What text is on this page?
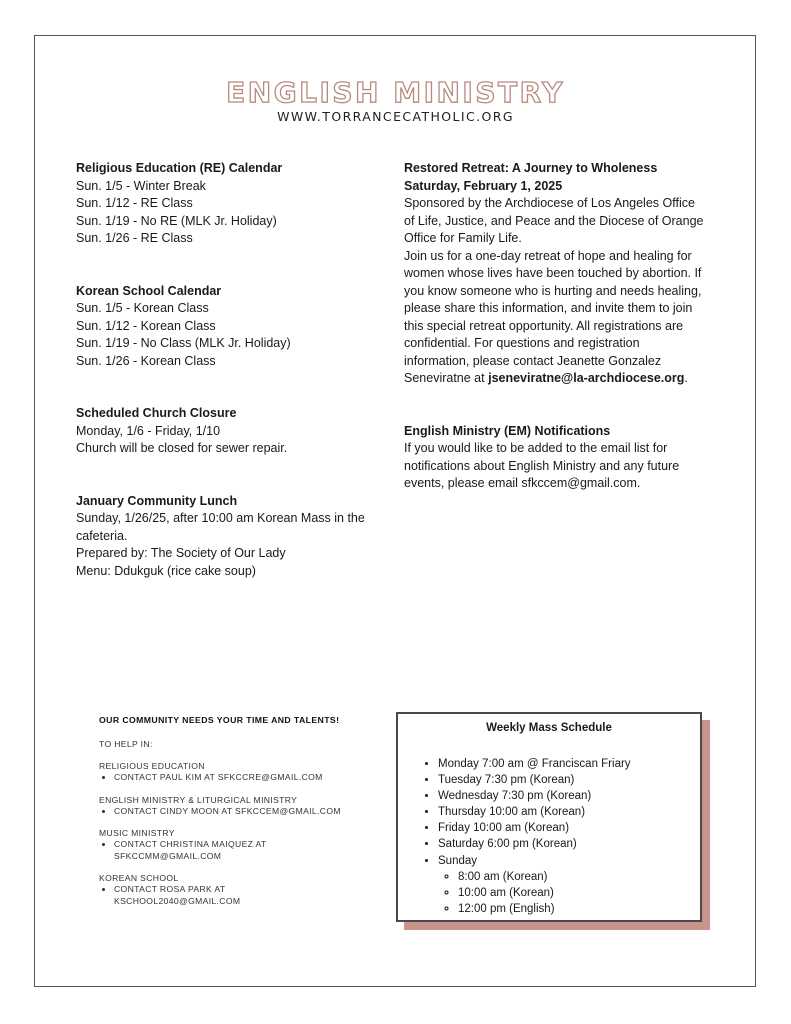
ENGLISH MINISTRY
WWW.TORRANCECATHOLIC.ORG
Religious Education (RE) Calendar
Sun. 1/5 - Winter Break
Sun. 1/12 - RE Class
Sun. 1/19 - No RE (MLK Jr. Holiday)
Sun. 1/26 - RE Class
Korean School Calendar
Sun. 1/5 - Korean Class
Sun. 1/12 - Korean Class
Sun. 1/19 - No Class (MLK Jr. Holiday)
Sun. 1/26 - Korean Class
Scheduled Church Closure
Monday, 1/6 - Friday, 1/10
Church will be closed for sewer repair.
January Community Lunch
Sunday, 1/26/25, after 10:00 am Korean Mass in the
cafeteria.
Prepared by: The Society of Our Lady
Menu: Ddukguk (rice cake soup)
Restored Retreat: A Journey to Wholeness
Saturday, February 1, 2025
Sponsored by the Archdiocese of Los Angeles Office
of Life, Justice, and Peace and the Diocese of Orange
Office for Family Life.
Join us for a one-day retreat of hope and healing for
women whose lives have been touched by abortion. If
you know someone who is hurting and needs healing,
please share this information, and invite them to join
this special retreat opportunity. All registrations are
confidential. For questions and registration
information, please contact Jeanette Gonzalez
Seneviratne at jseneviratne@la-archdiocese.org.
English Ministry (EM) Notifications
If you would like to be added to the email list for
notifications about English Ministry and any future
events, please email sfkccem@gmail.com.
OUR COMMUNITY NEEDS YOUR TIME AND TALENTS!
TO HELP IN:
RELIGIOUS EDUCATION
• CONTACT PAUL KIM AT SFKCCRE@GMAIL.COM
ENGLISH MINISTRY & LITURGICAL MINISTRY
• CONTACT CINDY MOON AT SFKCCEM@GMAIL.COM
MUSIC MINISTRY
• CONTACT CHRISTINA MAIQUEZ AT
SFKCCMM@GMAIL.COM
KOREAN SCHOOL
• CONTACT ROSA PARK AT
KSCHOOL2040@GMAIL.COM
Weekly Mass Schedule
• Monday 7:00 am @ Franciscan Friary
• Tuesday 7:30 pm (Korean)
• Wednesday 7:30 pm (Korean)
• Thursday 10:00 am (Korean)
• Friday 10:00 am (Korean)
• Saturday 6:00 pm (Korean)
• Sunday
◦ 8:00 am (Korean)
◦ 10:00 am (Korean)
◦ 12:00 pm (English)
